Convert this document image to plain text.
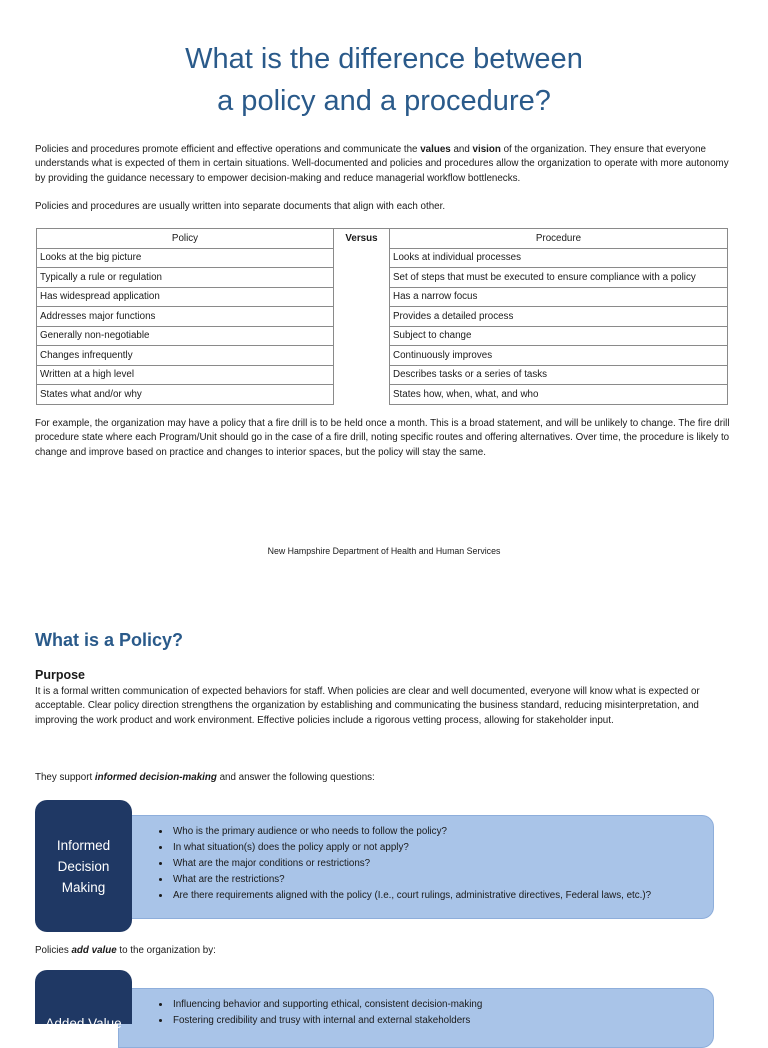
What is the difference between
a policy and a procedure?

Policies and procedures promote efficient and effective operations and communicate the values and vision of the organization. They ensure that everyone understands what is expected of them in certain situations. Well-documented and policies and procedures allow the organization to operate with more autonomy by providing the guidance necessary to empower decision-making and reduce managerial workflow bottlenecks.

Policies and procedures are usually written into separate documents that align with each other.

Policy	Versus	Procedure
Looks at the big picture		Looks at individual processes
Typically a rule or regulation		Set of steps that must be executed to ensure compliance with a policy
Has widespread application		Has a narrow focus
Addresses major functions		Provides a detailed process
Generally non-negotiable		Subject to change
Changes infrequently		Continuously improves
Written at a high level		Describes tasks or a series of tasks
States what and/or why		States how, when, what, and who

For example, the organization may have a policy that a fire drill is to be held once a month. This is a broad statement, and will be unlikely to change. The fire drill procedure state where each Program/Unit should go in the case of a fire drill, noting specific routes and offering alternatives. Over time, the procedure is likely to change and improve based on practice and changes to interior spaces, but the policy will stay the same.

New Hampshire Department of Health and Human Services
What is a Policy?
Purpose

It is a formal written communication of expected behaviors for staff. When policies are clear and well documented, everyone will know what is expected or acceptable. Clear policy direction strengthens the organization by establishing and communicating the business standard, reducing misinterpretation, and improving the work product and work environment. Effective policies include a rigorous vetting process, allowing for stakeholder input.

They support informed decision-making and answer the following questions:

• Who is the primary audience or who needs to follow the policy?
• In what situation(s) does the policy apply or not apply?
• What are the major conditions or restrictions?
• What are the restrictions?
• Are there requirements aligned with the policy (I.e., court rulings, administrative directives, Federal laws, etc.)?
Informed Decision Making

Policies add value to the organization by:

• Influencing behavior and supporting ethical, consistent decision-making
• Fostering credibility and trusy with internal and external stakeholders
Added Value
